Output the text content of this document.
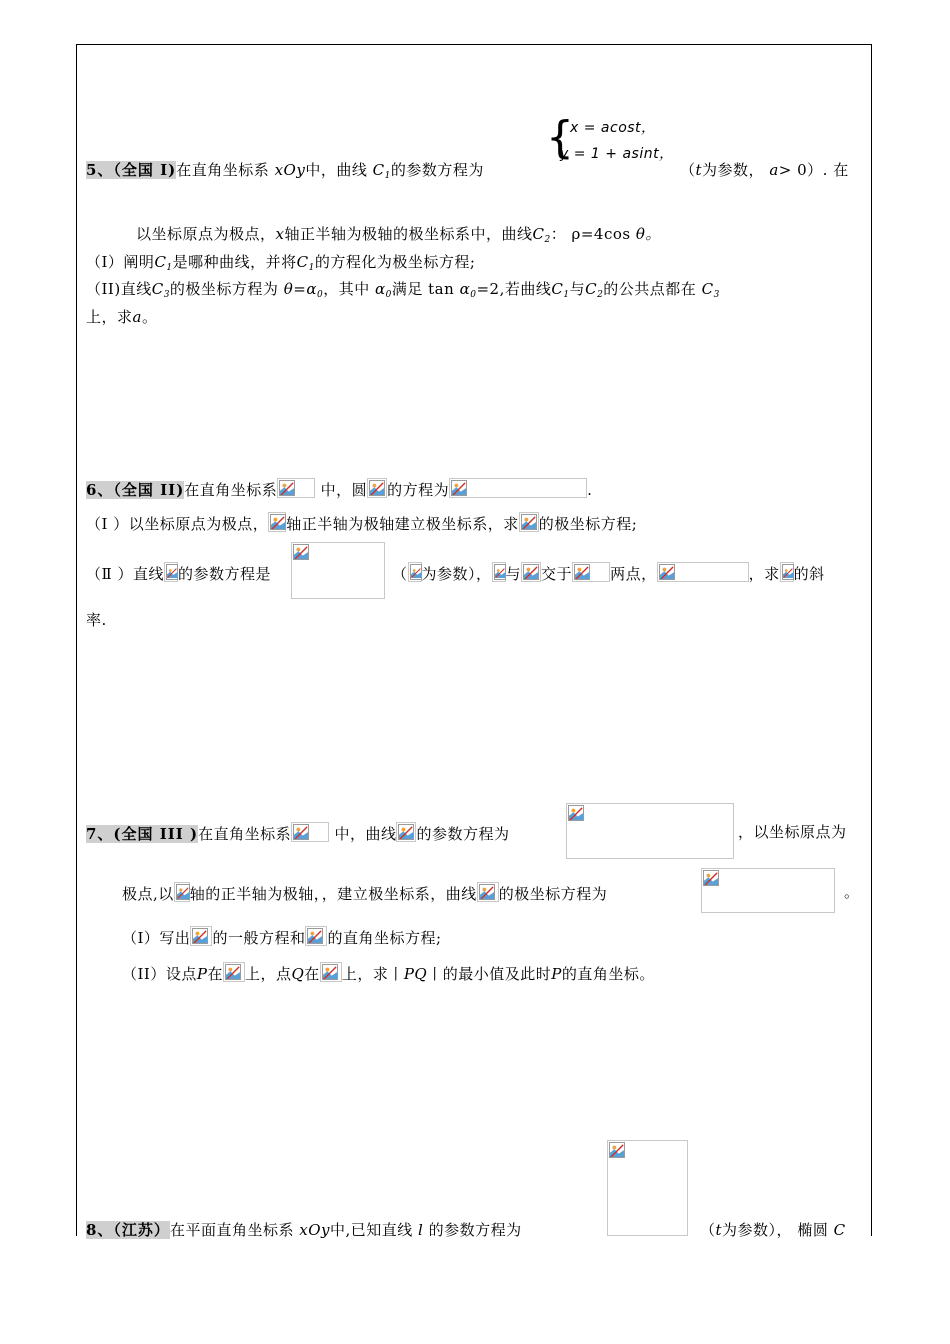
{
x = acost，
y = 1 + asint，
5、（全国 I)在直角坐标系 xOy中，曲线 $C_1$的参数方程为	（t为参数， a> 0）. 在
以坐标原点为极点，x轴正半轴为极轴的极坐标系中，曲线$C_2$： ρ=4cos θ。
（I）阐明$C_1$是哪种曲线，并将$C_1$的方程化为极坐标方程;
（II)直线$C_3$的极坐标方程为 $\theta=\alpha_0$，其中 $\alpha_0$满足 $\tan \alpha_0=2$,若曲线$C_1$与$C_2$的公共点都在 $C_3$
上，求a。
6、（全国 II)在直角坐标系	中，圆 的方程为	.
（I ）以坐标原点为极点， 轴正半轴为极轴建立极坐标系，求 的极坐标方程;
（Ⅱ ）直线 的参数方程是	（ 为参数）， 与 交于	两点，	，求 的斜
率.
7、(全国 III )在直角坐标系	中，曲线 的参数方程为	，以坐标原点为
极点,以 轴的正半轴为极轴，，建立极坐标系，曲线 的极坐标方程为	。
（I）写出 的一般方程和 的直角坐标方程;
（II）设点P在 上，点Q在 上，求丨PQ丨的最小值及此时P的直角坐标。
8、（江苏）在平面直角坐标系 xOy中,已知直线 l 的参数方程为	（t为参数）， 椭圆 C
